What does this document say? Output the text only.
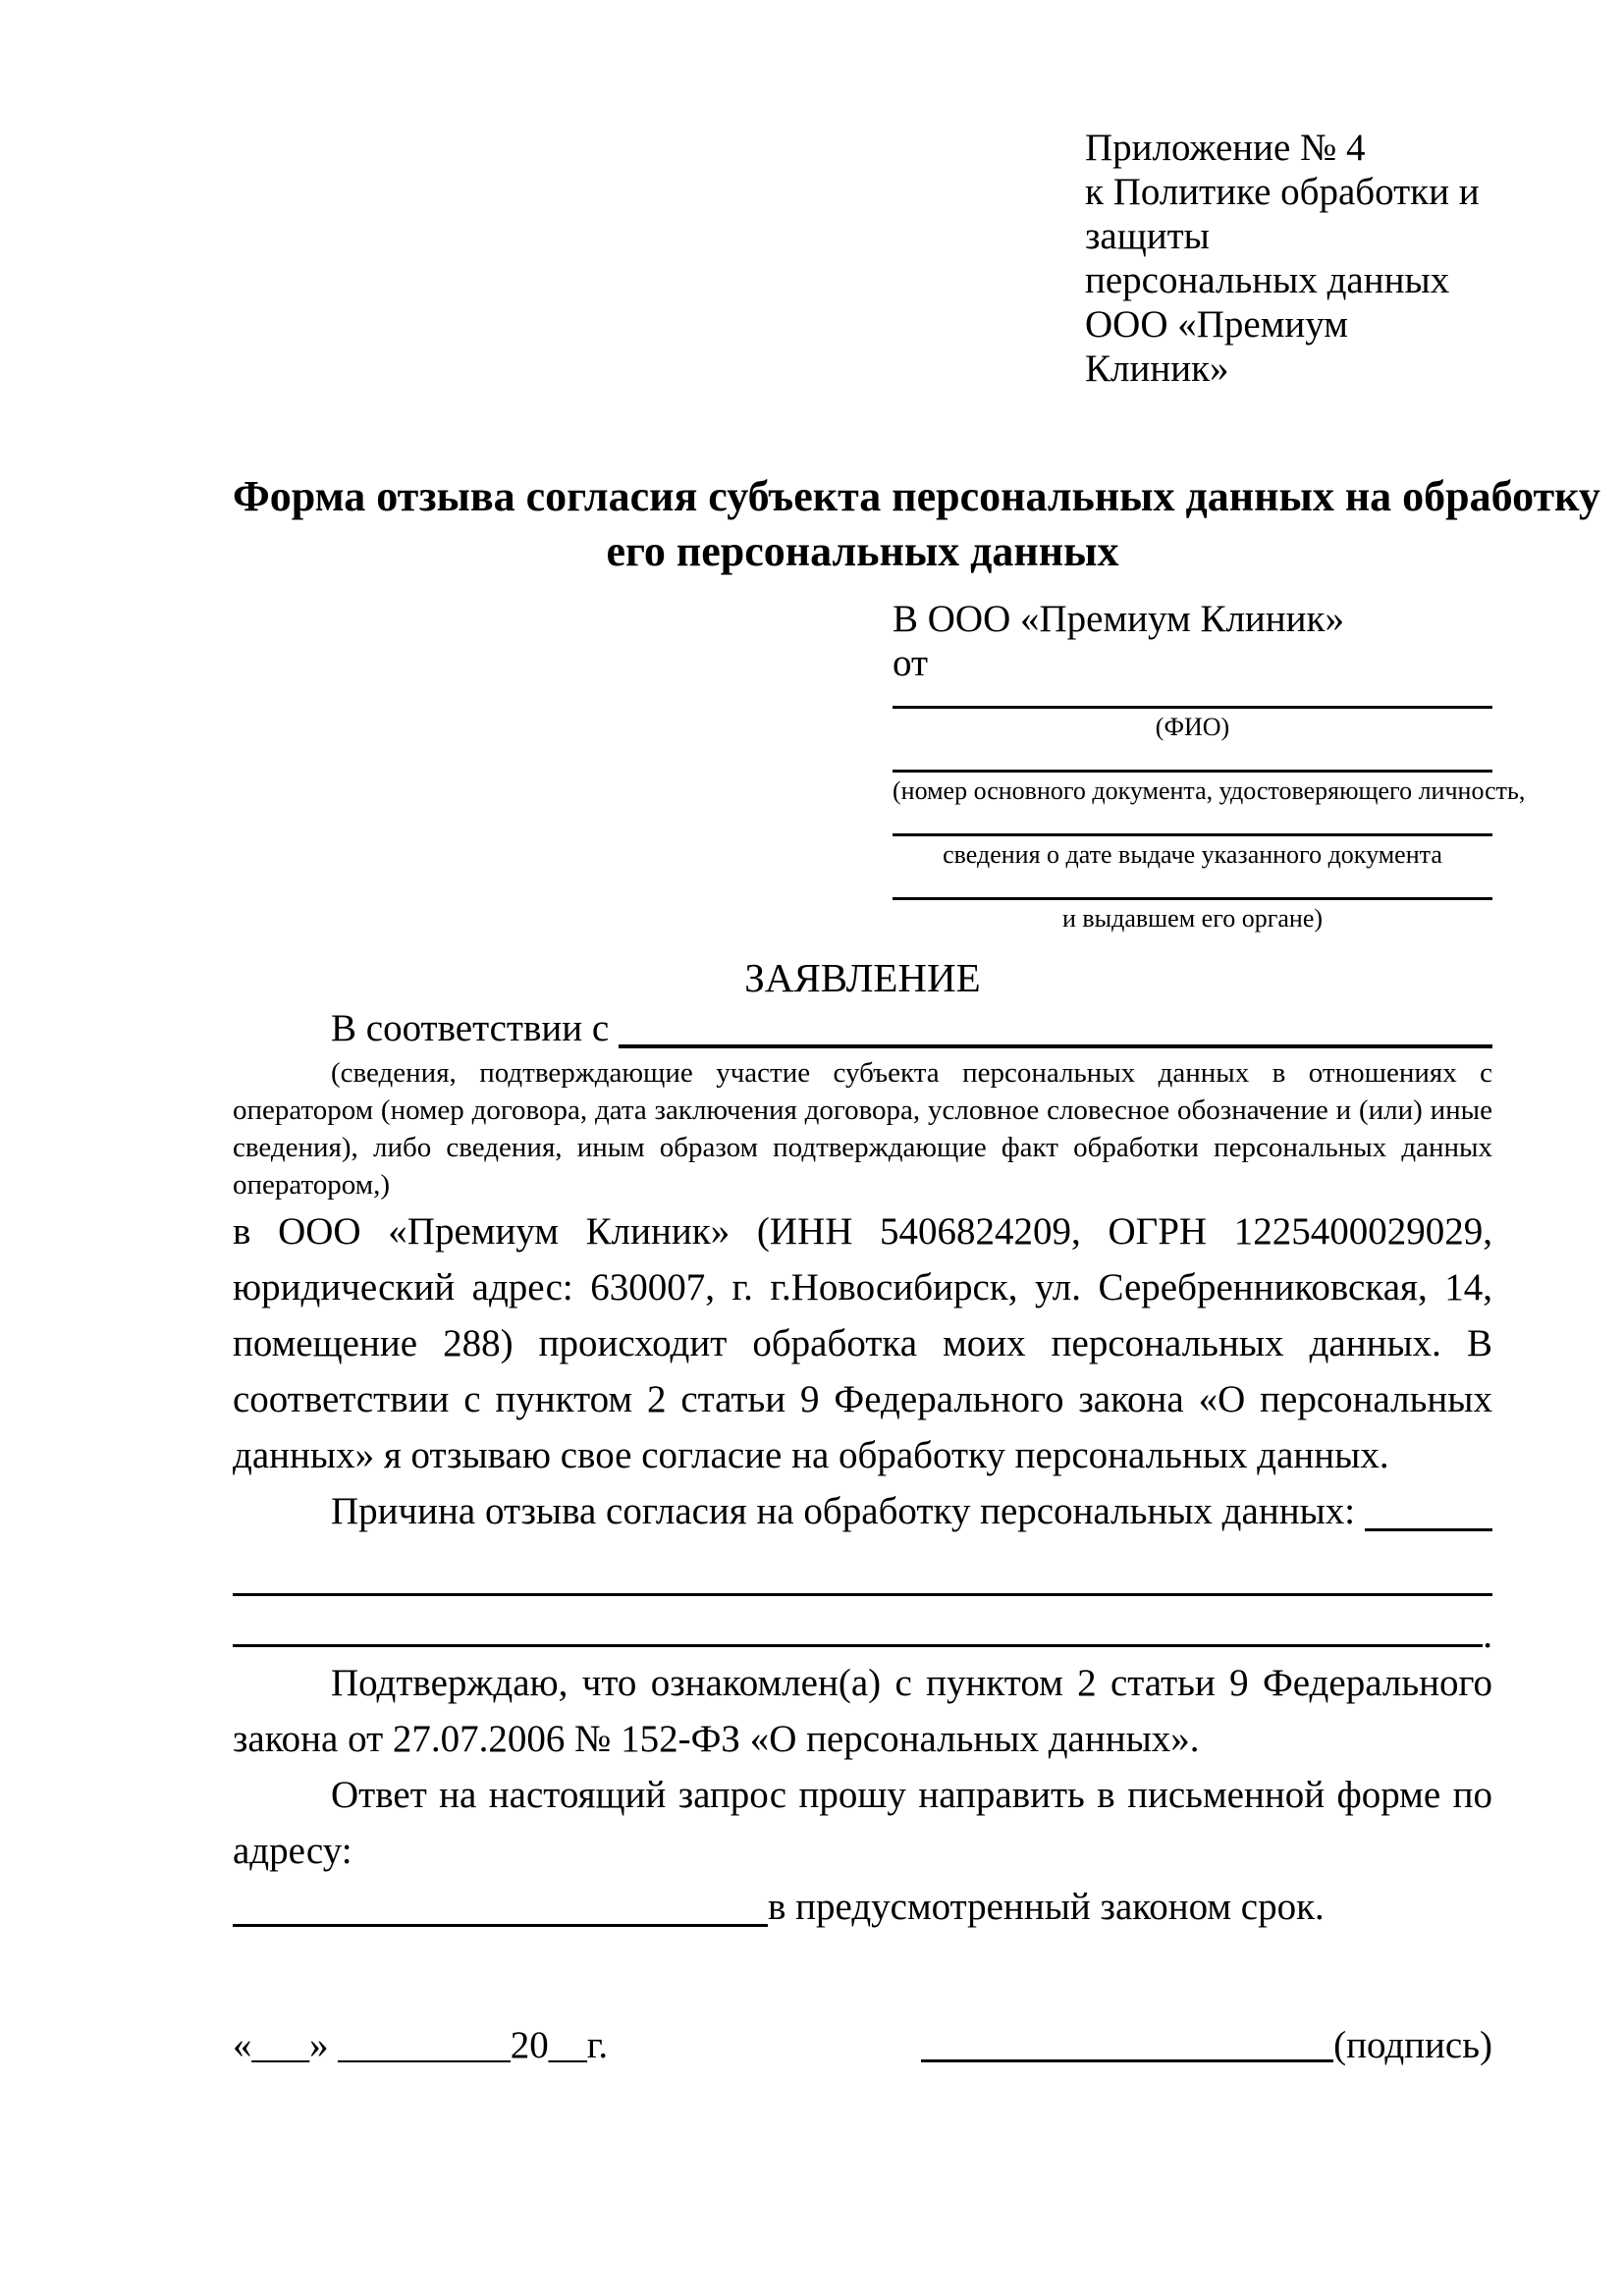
Приложение № 4
к Политике обработки и защиты
персональных данных
ООО «Премиум Клиник»
Форма отзыва согласия субъекта персональных данных на обработку
его персональных данных
В ООО «Премиум Клиник»
от
(ФИО)
(номер основного документа, удостоверяющего личность,
сведения о дате выдаче указанного документа
и выдавшем его органе)
ЗАЯВЛЕНИЕ
В соответствии с
(сведения, подтверждающие участие субъекта персональных данных в отношениях с оператором (номер договора, дата заключения договора, условное словесное обозначение и (или) иные сведения), либо сведения, иным образом подтверждающие факт обработки персональных данных оператором,)
в ООО «Премиум Клиник» (ИНН 5406824209, ОГРН 1225400029029, юридический адрес: 630007, г. г.Новосибирск, ул. Серебренниковская, 14, помещение 288) происходит обработка моих персональных данных. В соответствии с пунктом 2 статьи 9 Федерального закона «О персональных данных» я отзываю свое согласие на обработку персональных данных.
Причина отзыва согласия на обработку персональных данных:
.
Подтверждаю, что ознакомлен(а) с пунктом 2 статьи 9 Федерального закона от 27.07.2006 № 152-ФЗ «О персональных данных».
Ответ на настоящий запрос прошу направить в письменной форме по адресу:
в предусмотренный законом срок.
«___» _________20__г.	(подпись)
